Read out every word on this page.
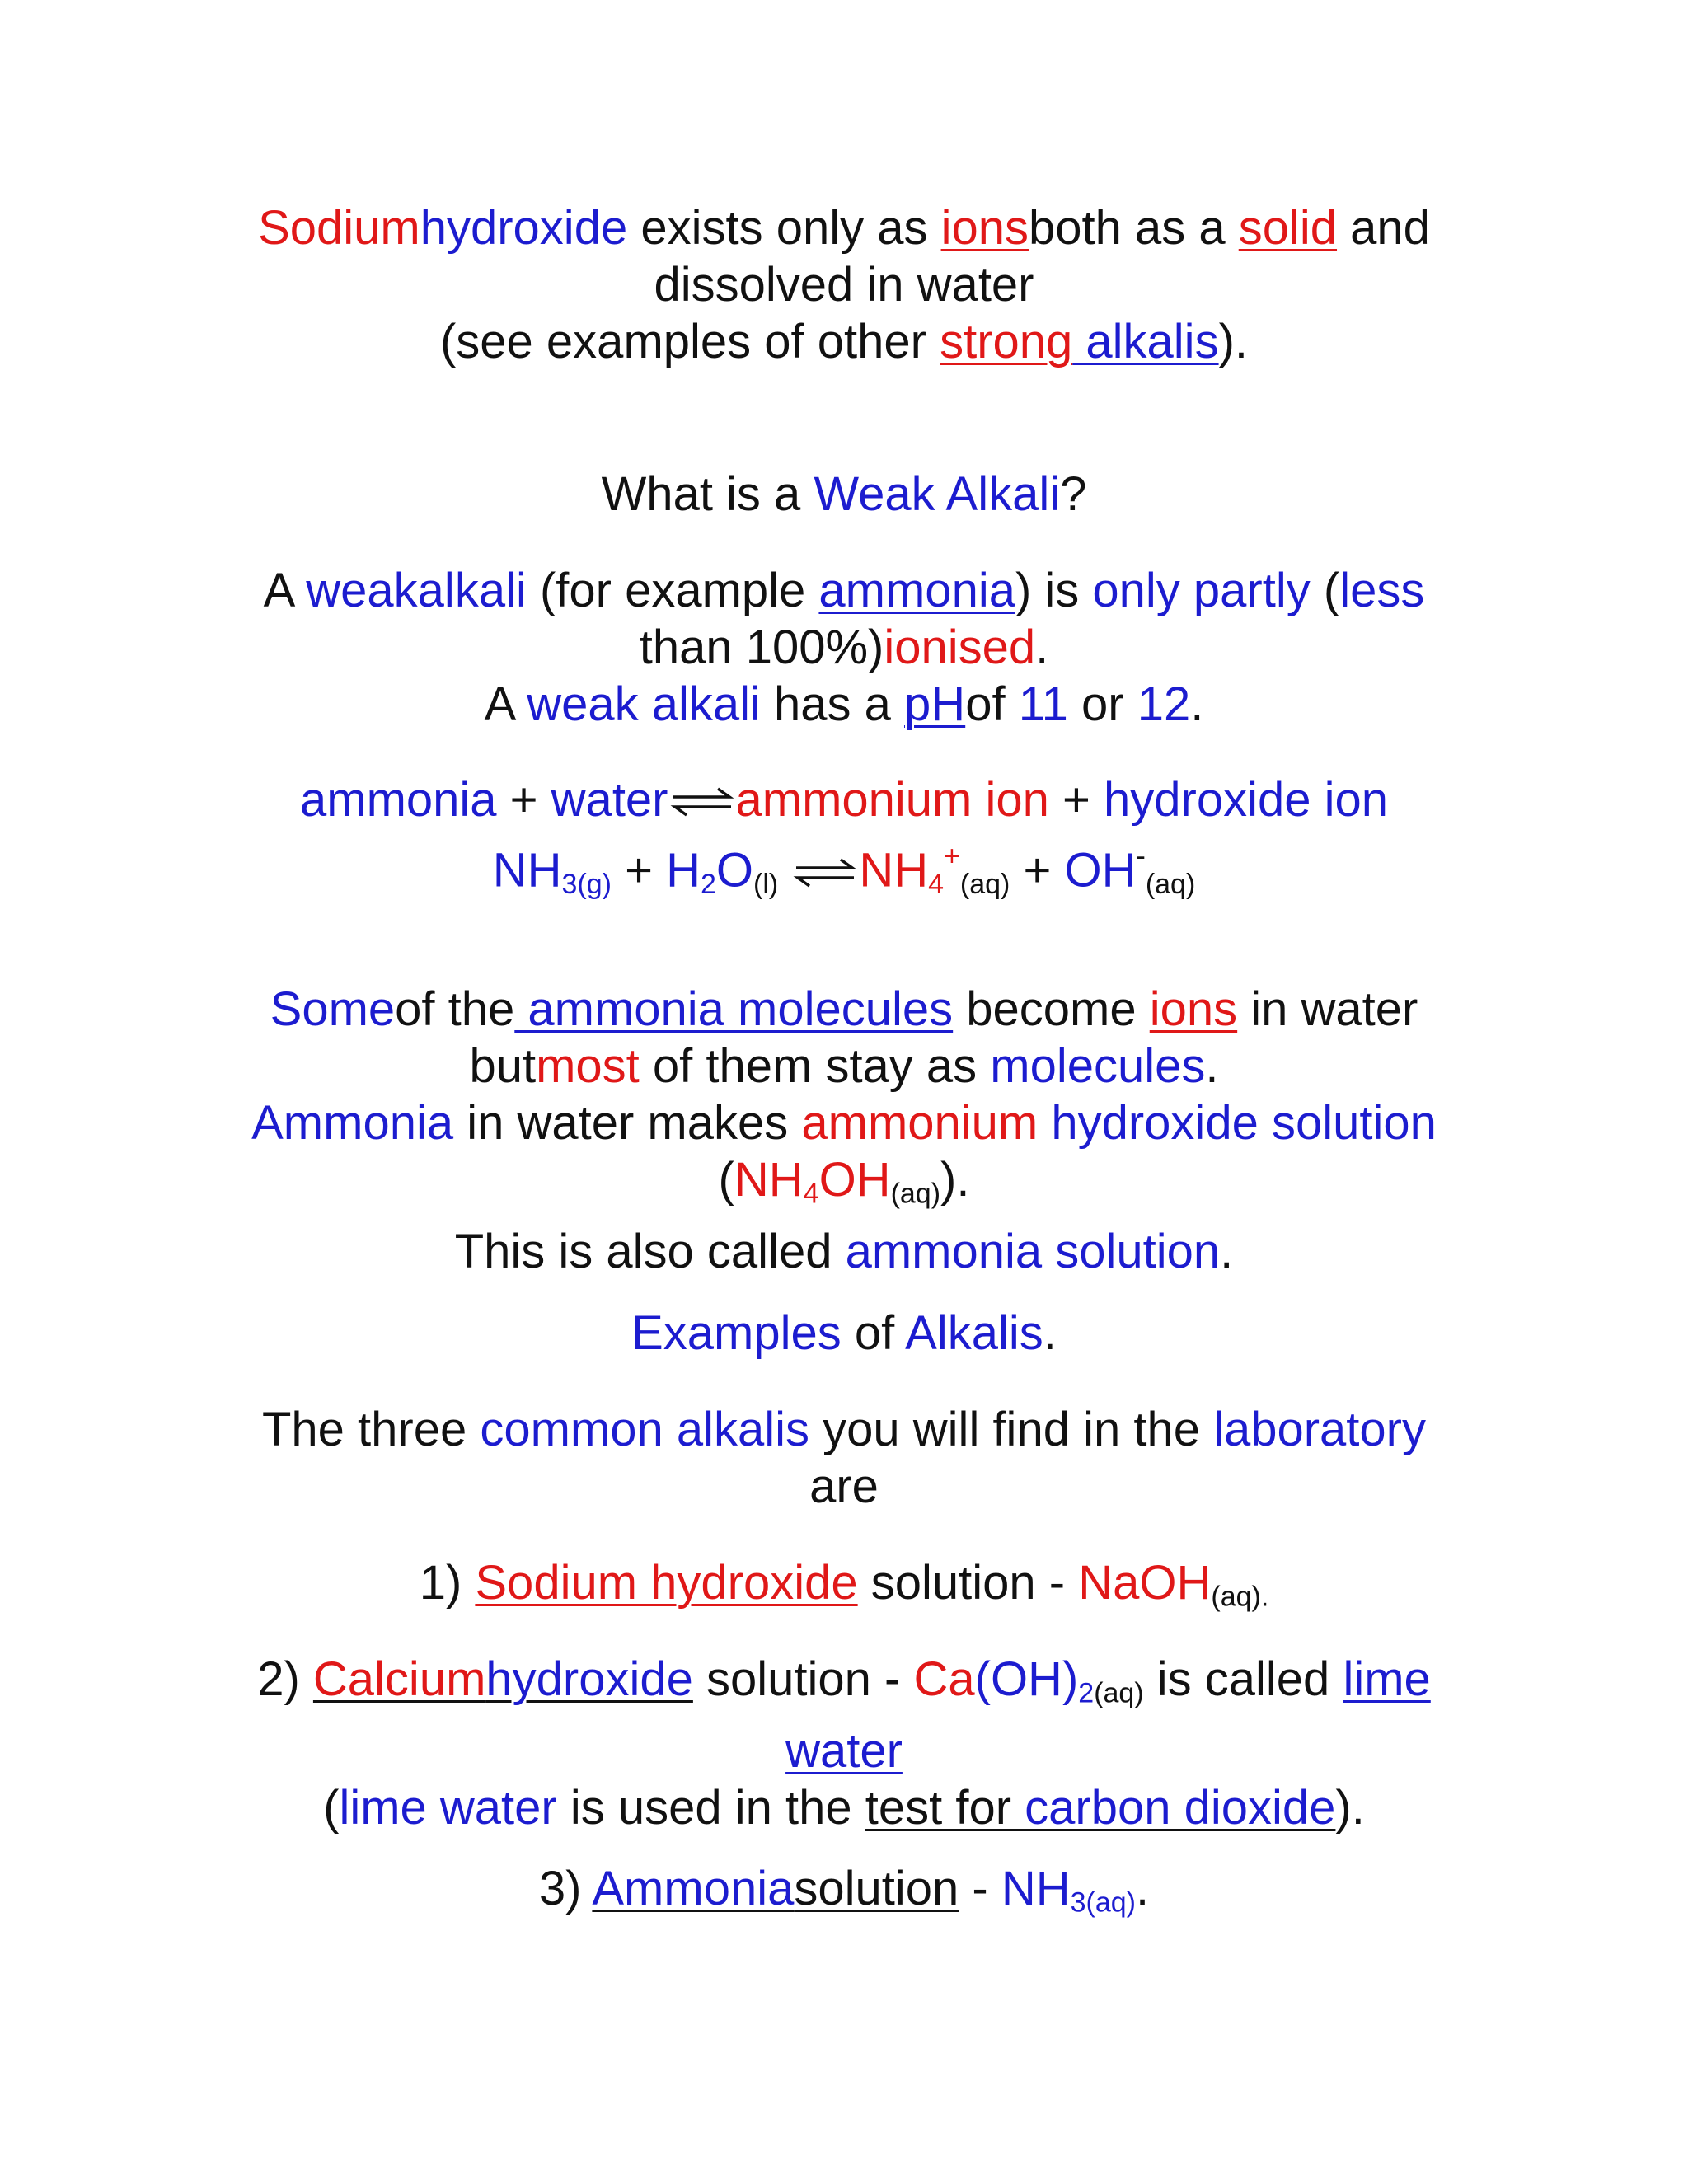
Sodiumhydroxide exists only as ionsboth as a solid and
dissolved in water
(see examples of other strong alkalis).
What is a Weak Alkali?
A weakalkali (for example ammonia) is only partly (less
than 100%)ionised.
A weak alkali has a pHof 11 or 12.
ammonia + water ⇌ ammonium ion + hydroxide ion
$NH_{3(g)} + H_2O_{(l)}$ ⇌ $NH_4^+_{(aq)} + OH^-_{(aq)}$
Someof the ammonia molecules become ions in water
butmost of them stay as molecules.
Ammonia in water makes ammonium hydroxide solution
$(NH_4OH_{(aq)})$.
This is also called ammonia solution.
Examples of Alkalis.
The three common alkalis you will find in the laboratory
are
1) Sodium hydroxide solution - NaOH$_{(aq).}$
2) Calciumhydroxide solution - $Ca(OH)_{2(aq)}$ is called lime
water
(lime water is used in the test for carbon dioxide).
3) Ammoniasolution - $NH_{3(aq)}$.
